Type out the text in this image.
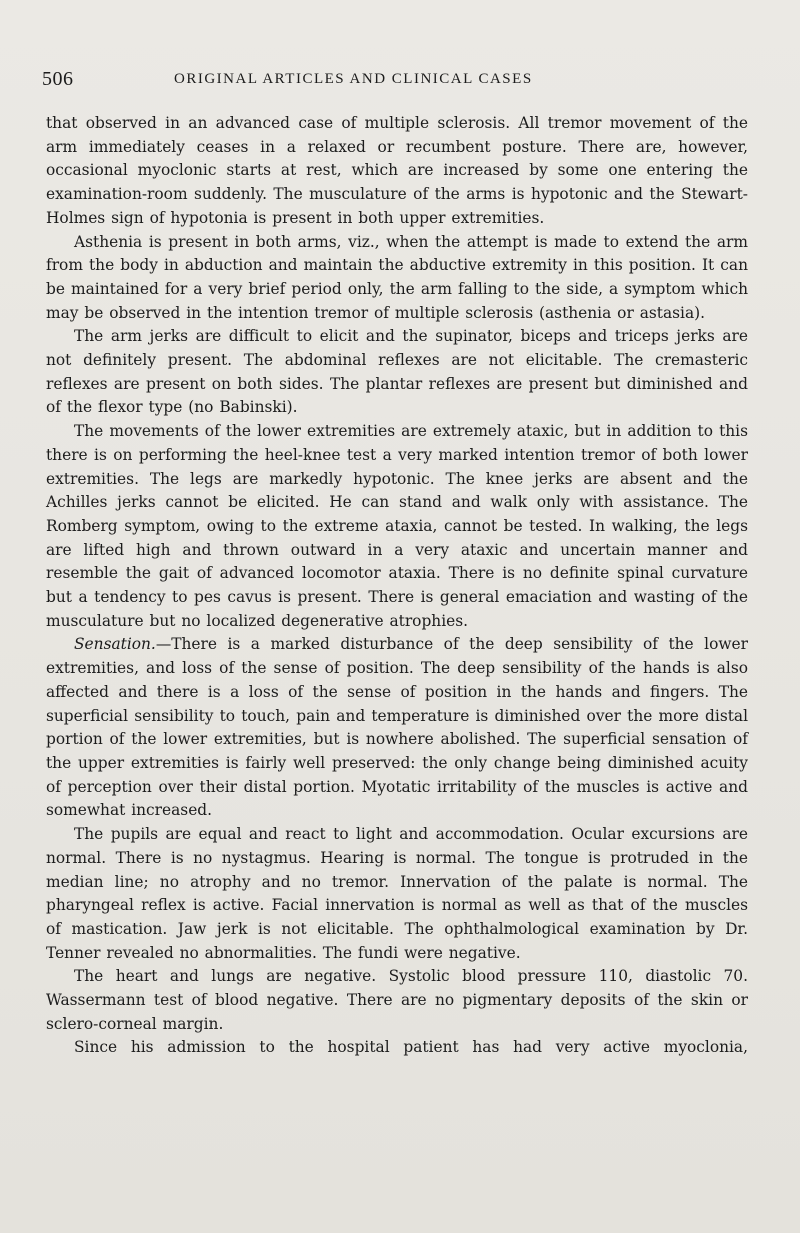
506	ORIGINAL ARTICLES AND CLINICAL CASES

that observed in an advanced case of multiple sclerosis. All tremor movement of the arm immediately ceases in a relaxed or recumbent posture. There are, however, occasional myoclonic starts at rest, which are increased by some one entering the examination-room suddenly. The musculature of the arms is hypotonic and the Stewart-Holmes sign of hypotonia is present in both upper extremities.

Asthenia is present in both arms, viz., when the attempt is made to extend the arm from the body in abduction and maintain the abductive extremity in this position. It can be maintained for a very brief period only, the arm falling to the side, a symptom which may be observed in the intention tremor of multiple sclerosis (asthenia or astasia).

The arm jerks are difficult to elicit and the supinator, biceps and triceps jerks are not definitely present. The abdominal reflexes are not elicitable. The cremasteric reflexes are present on both sides. The plantar reflexes are present but diminished and of the flexor type (no Babinski).

The movements of the lower extremities are extremely ataxic, but in addition to this there is on performing the heel-knee test a very marked intention tremor of both lower extremities. The legs are markedly hypotonic. The knee jerks are absent and the Achilles jerks cannot be elicited. He can stand and walk only with assistance. The Romberg symptom, owing to the extreme ataxia, cannot be tested. In walking, the legs are lifted high and thrown outward in a very ataxic and uncertain manner and resemble the gait of advanced locomotor ataxia. There is no definite spinal curvature but a tendency to pes cavus is present. There is general emaciation and wasting of the musculature but no localized degenerative atrophies.

Sensation.—There is a marked disturbance of the deep sensibility of the lower extremities, and loss of the sense of position. The deep sensibility of the hands is also affected and there is a loss of the sense of position in the hands and fingers. The superficial sensibility to touch, pain and temperature is diminished over the more distal portion of the lower extremities, but is nowhere abolished. The superficial sensation of the upper extremities is fairly well preserved: the only change being diminished acuity of perception over their distal portion. Myotatic irritability of the muscles is active and somewhat increased.

The pupils are equal and react to light and accommodation. Ocular excursions are normal. There is no nystagmus. Hearing is normal. The tongue is protruded in the median line; no atrophy and no tremor. Innervation of the palate is normal. The pharyngeal reflex is active. Facial innervation is normal as well as that of the muscles of mastication. Jaw jerk is not elicitable. The ophthalmological examination by Dr. Tenner revealed no abnormalities. The fundi were negative.

The heart and lungs are negative. Systolic blood pressure 110, diastolic 70. Wassermann test of blood negative. There are no pigmentary deposits of the skin or sclero-corneal margin.

Since his admission to the hospital patient has had very active myoclonia,
